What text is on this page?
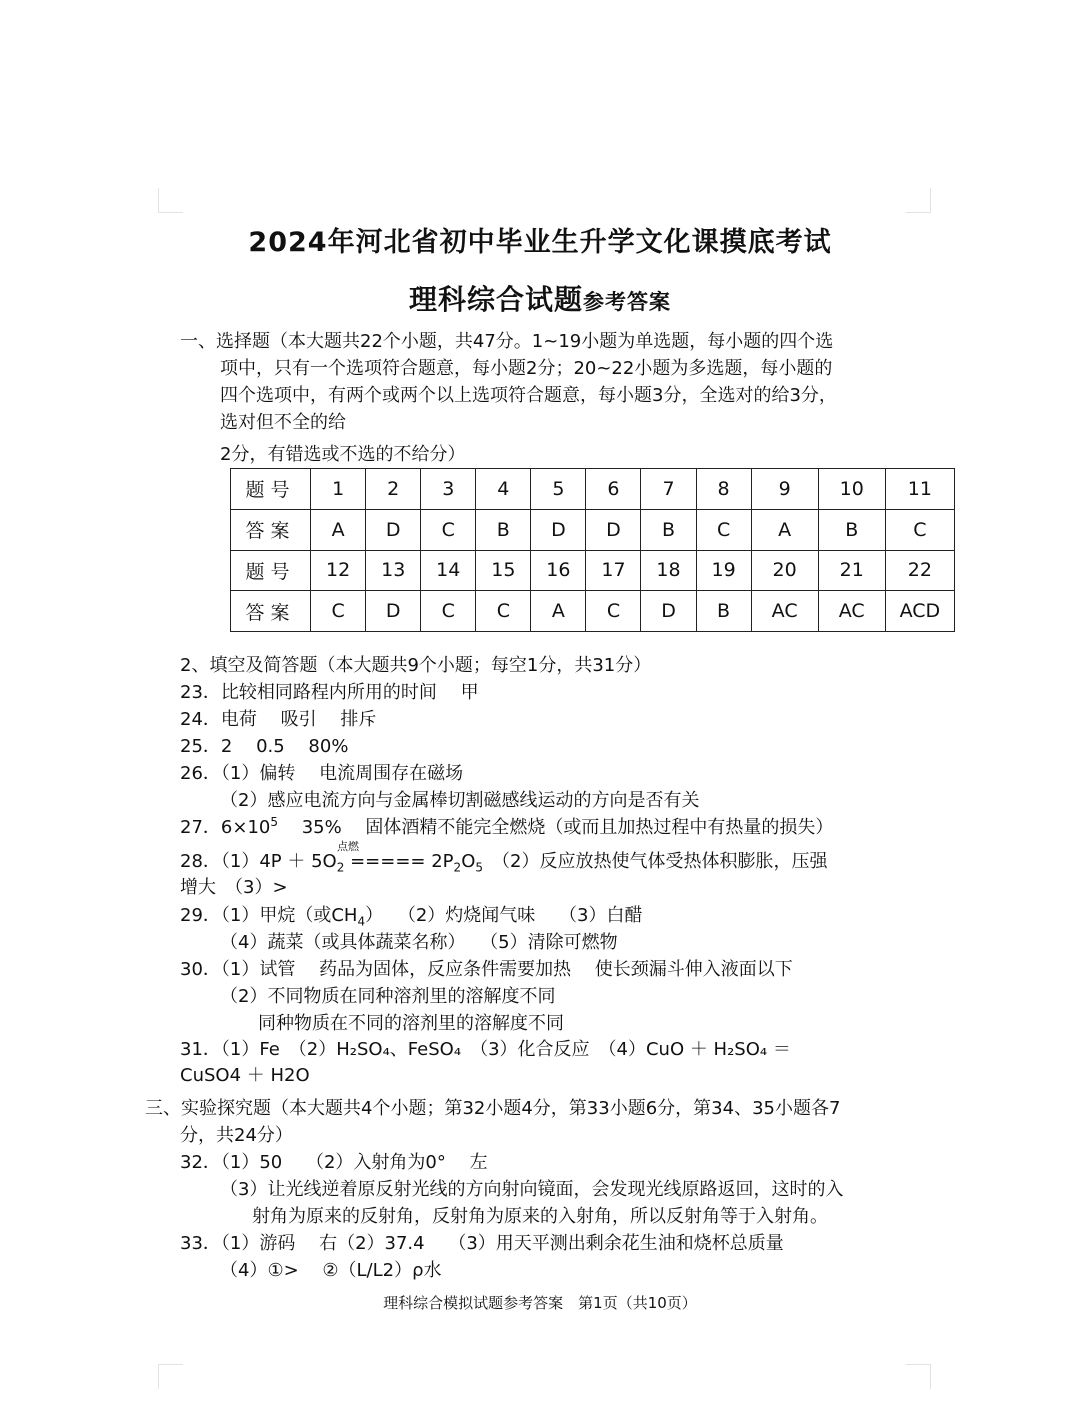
2024年河北省初中毕业生升学文化课摸底考试
理科综合试题参考答案
一、选择题（本大题共22个小题，共47分。1~19小题为单选题，每小题的四个选
项中，只有一个选项符合题意，每小题2分；20~22小题为多选题，每小题的
四个选项中，有两个或两个以上选项符合题意，每小题3分，全选对的给3分，
选对但不全的给
2分，有错选或不选的不给分）
题号	1	2	3	4	5	6	7	8	9	10	11
答案	A	D	C	B	D	D	B	C	A	B	C
题号	12	13	14	15	16	17	18	19	20	21	22
答案	C	D	C	C	A	C	D	B	AC	AC	ACD
2、填空及简答题（本大题共9个小题；每空1分，共31分）
23．比较相同路程内所用的时间　 甲
24．电荷　 吸引　 排斥
25．2　 0.5　 80%
26．（1）偏转　 电流周围存在磁场
（2）感应电流方向与金属棒切割磁感线运动的方向是否有关
27．$6\times 10^5$　 35%　 固体酒精不能完全燃烧（或而且加热过程中有热量的损失）
点燃
28．$(1)4P + 5O_2$ ===== $2P_2O_5$　（2）反应放热使气体受热体积膨胀，压强
增大　（3）>
29．（1）甲烷（或$CH_4$）　 （2）灼烧闻气味　 （3）白醋
（4）蔬菜（或具体蔬菜名称）　 （5）清除可燃物
30．（1）试管　 药品为固体，反应条件需要加热　 使长颈漏斗伸入液面以下
（2）不同物质在同种溶剂里的溶解度不同
同种物质在不同的溶剂里的溶解度不同
31．（1）Fe　（2）H₂SO₄、FeSO₄　（3）化合反应　（4）CuO ＋ H₂SO₄ ＝
CuSO4 ＋ H2O
三、实验探究题（本大题共4个小题；第32小题4分，第33小题6分，第34、35小题各7
分，共24分）
32．（1）50　 （2）入射角为0°　 左
（3）让光线逆着原反射光线的方向射向镜面，会发现光线原路返回，这时的入
射角为原来的反射角，反射角为原来的入射角，所以反射角等于入射角。
33．（1）游码　 右（2）37.4　 （3）用天平测出剩余花生油和烧杯总质量
（4）①>　 ②（L/L2）ρ水
理科综合模拟试题参考答案　第1页（共10页）
